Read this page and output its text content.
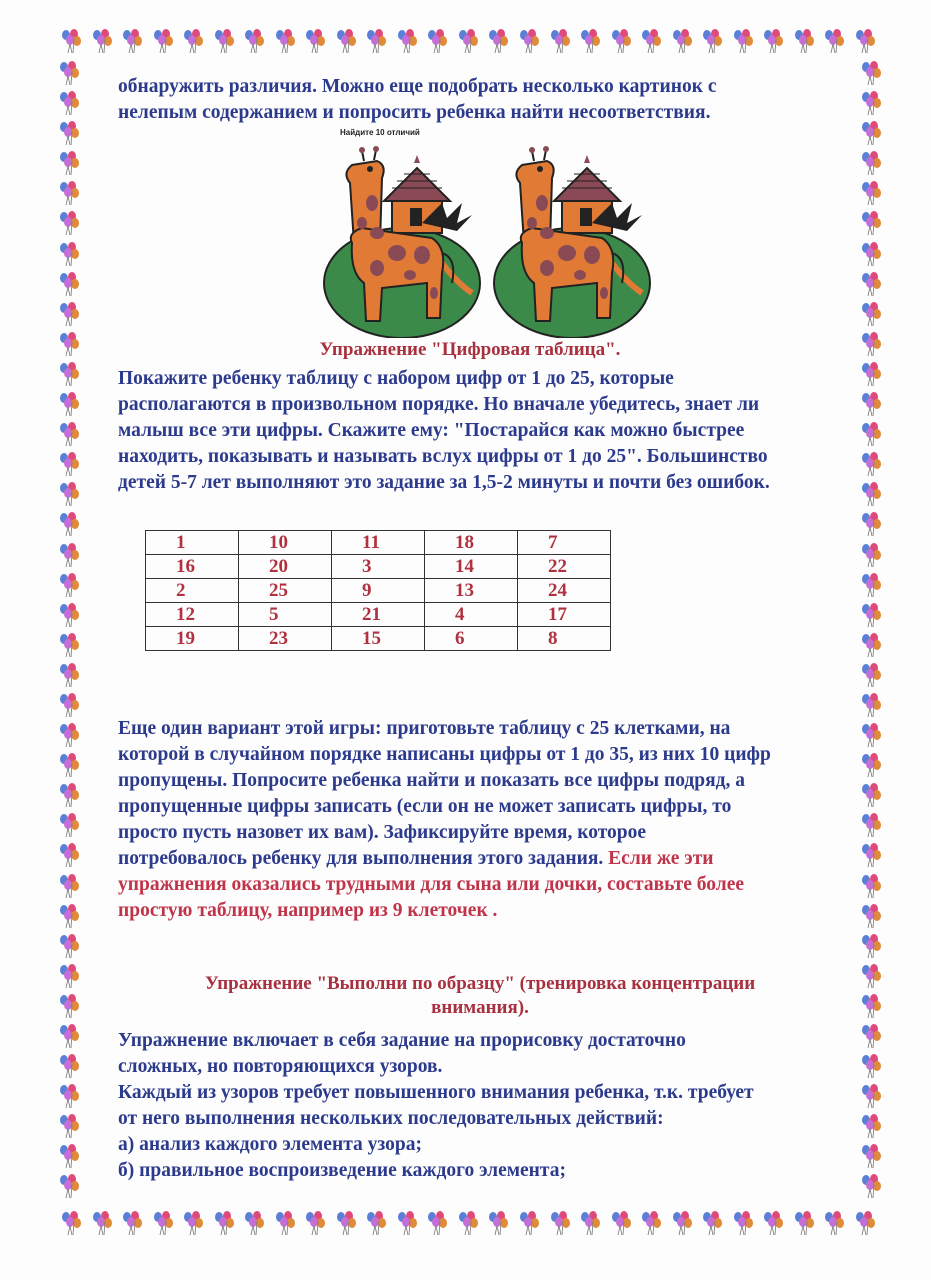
обнаружить различия. Можно еще подобрать несколько картинок с
нелепым содержанием и попросить ребенка найти несоответствия.
Найдите 10 отличий
Упражнение "Цифровая таблица".
Покажите ребенку таблицу с набором цифр от 1 до 25, которые
располагаются в произвольном порядке. Но вначале убедитесь, знает ли
малыш все эти цифры. Скажите ему: "Постарайся как можно быстрее
находить, показывать и называть вслух цифры от 1 до 25". Большинство
детей 5-7 лет выполняют это задание за 1,5-2 минуты и почти без ошибок.
1	10	11	18	7
16	20	3	14	22
2	25	9	13	24
12	5	21	4	17
19	23	15	6	8
Еще один вариант этой игры: приготовьте таблицу с 25 клетками, на
которой в случайном порядке написаны цифры от 1 до 35, из них 10 цифр
пропущены. Попросите ребенка найти и показать все цифры подряд, а
пропущенные цифры записать (если он не может записать цифры, то
просто пусть назовет их вам). Зафиксируйте время, которое
потребовалось ребенку для выполнения этого задания. Если же эти
упражнения оказались трудными для сына или дочки, составьте более
простую таблицу, например из 9 клеточек .
Упражнение "Выполни по образцу" (тренировка концентрации
внимания).
Упражнение включает в себя задание на прорисовку достаточно
сложных, но повторяющихся узоров.
Каждый из узоров требует повышенного внимания ребенка, т.к. требует
от него выполнения нескольких последовательных действий:
а) анализ каждого элемента узора;
б) правильное воспроизведение каждого элемента;
